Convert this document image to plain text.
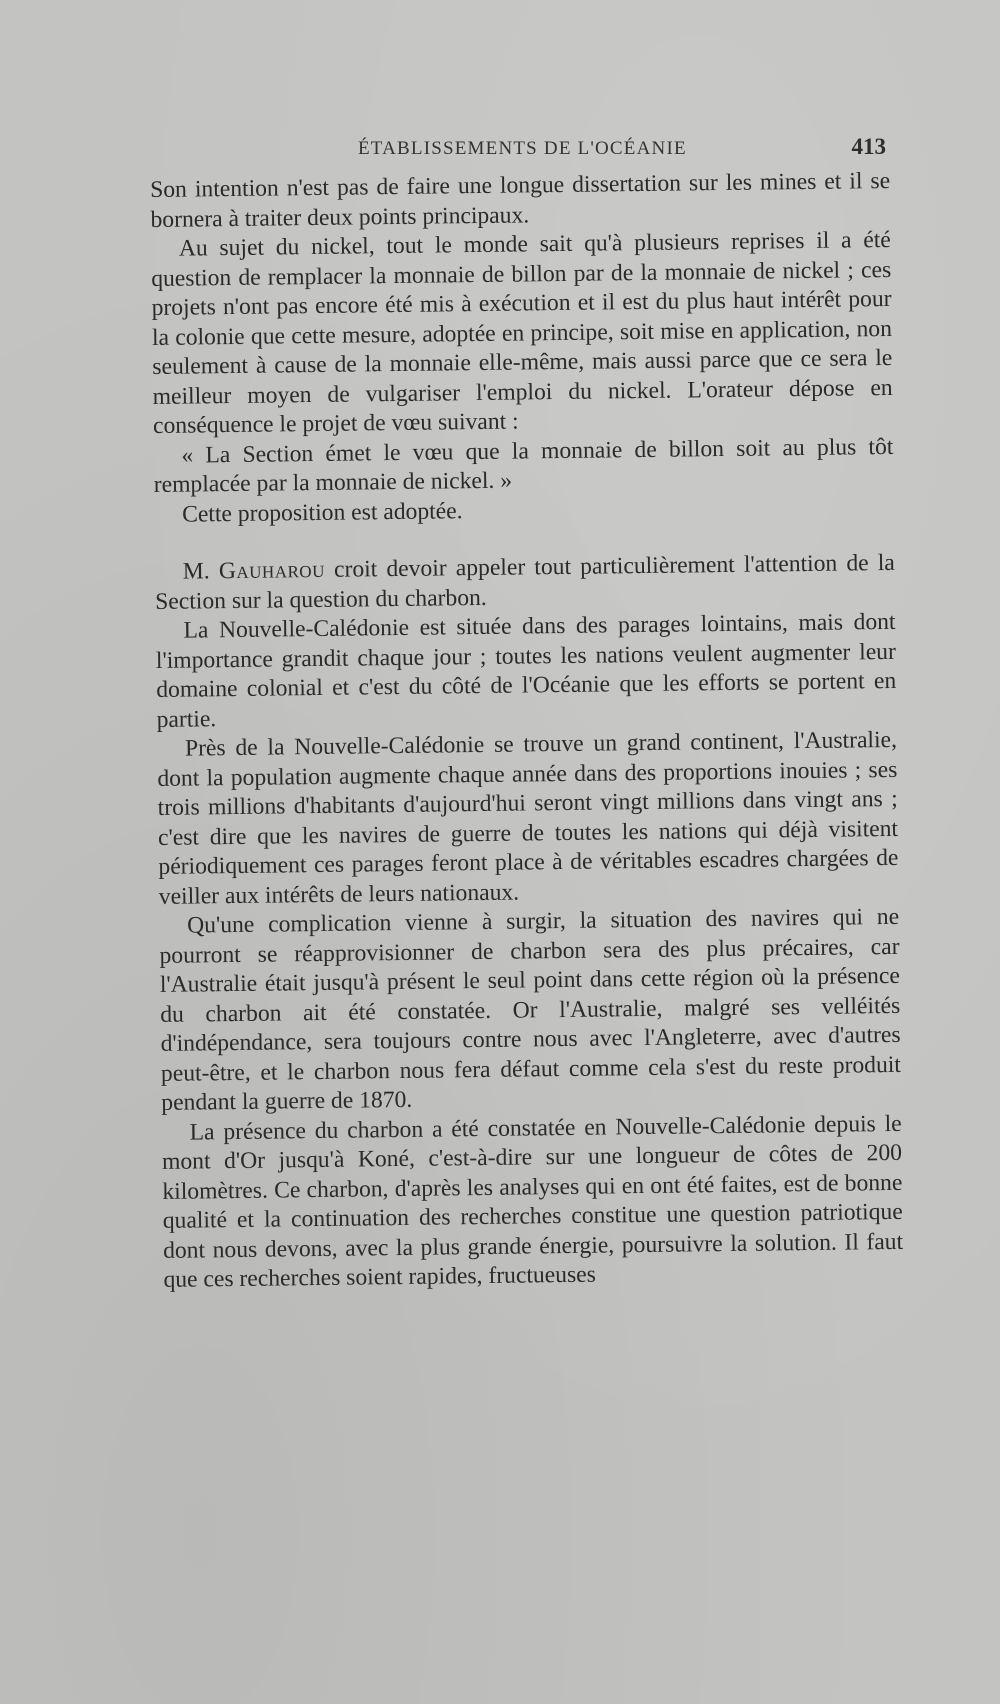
ÉTABLISSEMENTS DE L'OCÉANIE	413

Son intention n'est pas de faire une longue dissertation sur les mines et il se bornera à traiter deux points principaux.

Au sujet du nickel, tout le monde sait qu'à plusieurs reprises il a été question de remplacer la monnaie de billon par de la monnaie de nickel ; ces projets n'ont pas encore été mis à exécution et il est du plus haut intérêt pour la colonie que cette mesure, adoptée en principe, soit mise en application, non seulement à cause de la monnaie elle-même, mais aussi parce que ce sera le meilleur moyen de vulgariser l'emploi du nickel. L'orateur dépose en conséquence le projet de vœu suivant :

« La Section émet le vœu que la monnaie de billon soit au plus tôt remplacée par la monnaie de nickel. »

Cette proposition est adoptée.

M. Gauharou croit devoir appeler tout particulièrement l'attention de la Section sur la question du charbon.

La Nouvelle-Calédonie est située dans des parages lointains, mais dont l'importance grandit chaque jour ; toutes les nations veulent augmenter leur domaine colonial et c'est du côté de l'Océanie que les efforts se portent en partie.

Près de la Nouvelle-Calédonie se trouve un grand continent, l'Australie, dont la population augmente chaque année dans des proportions inouies ; ses trois millions d'habitants d'aujourd'hui seront vingt millions dans vingt ans ; c'est dire que les navires de guerre de toutes les nations qui déjà visitent périodiquement ces parages feront place à de véritables escadres chargées de veiller aux intérêts de leurs nationaux.

Qu'une complication vienne à surgir, la situation des navires qui ne pourront se réapprovisionner de charbon sera des plus précaires, car l'Australie était jusqu'à présent le seul point dans cette région où la présence du charbon ait été constatée. Or l'Australie, malgré ses velléités d'indépendance, sera toujours contre nous avec l'Angleterre, avec d'autres peut-être, et le charbon nous fera défaut comme cela s'est du reste produit pendant la guerre de 1870.

La présence du charbon a été constatée en Nouvelle-Calédonie depuis le mont d'Or jusqu'à Koné, c'est-à-dire sur une longueur de côtes de 200 kilomètres. Ce charbon, d'après les analyses qui en ont été faites, est de bonne qualité et la continuation des recherches constitue une question patriotique dont nous devons, avec la plus grande énergie, poursuivre la solution. Il faut que ces recherches soient rapides, fructueuses
